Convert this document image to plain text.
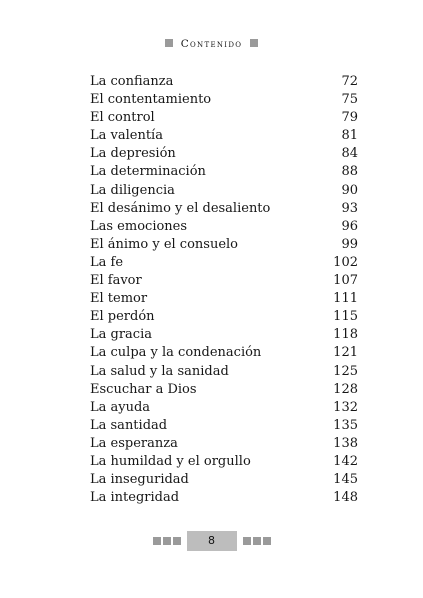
Contenido
La confianza	72
El contentamiento	75
El control	79
La valentía	81
La depresión	84
La determinación	88
La diligencia	90
El desánimo y el desaliento	93
Las emociones	96
El ánimo y el consuelo	99
La fe	102
El favor	107
El temor	111
El perdón	115
La gracia	118
La culpa y la condenación	121
La salud y la sanidad	125
Escuchar a Dios	128
La ayuda	132
La santidad	135
La esperanza	138
La humildad y el orgullo	142
La inseguridad	145
La integridad	148
8
